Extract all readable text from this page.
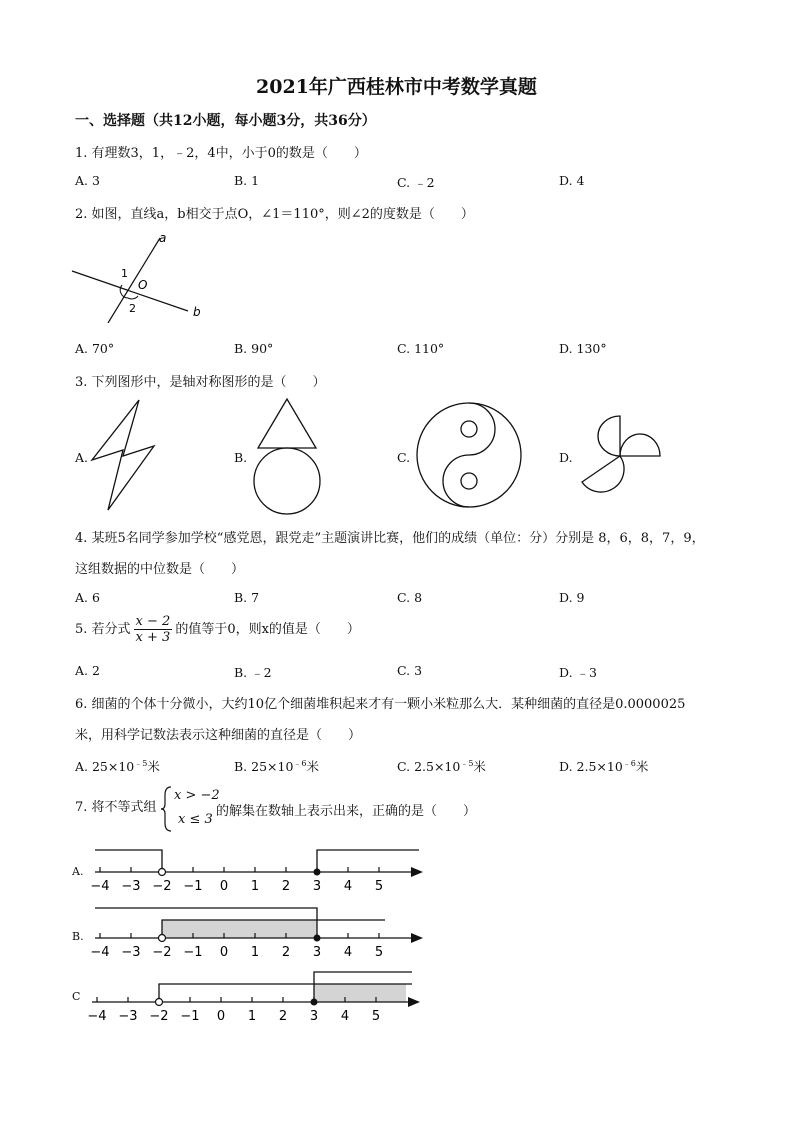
2021年广西桂林市中考数学真题
一、选择题（共12小题，每小题3分，共36分）
1. 有理数3，1，﹣2，4中，小于0的数是（　　）
A. 3	B. 1	C. ﹣2	D. 4
2. 如图，直线a，b相交于点O，∠1＝110°，则∠2的度数是（　　）
a
b
O
1
2
A. 70°	B. 90°	C. 110°	D. 130°
3. 下列图形中，是轴对称图形的是（　　）
A.	B.	C.	D.
4. 某班5名同学参加学校“感党恩，跟党走”主题演讲比赛，他们的成绩（单位：分）分别是 8，6，8，7，9，
这组数据的中位数是（　　）
A. 6	B. 7	C. 8	D. 9
5. 若分式 $\frac{x - 2}{x + 3}$ 的值等于0，则x的值是（　　）
A. 2	B. ﹣2	C. 3	D. ﹣3
6. 细菌的个体十分微小，大约10亿个细菌堆积起来才有一颗小米粒那么大．某种细菌的直径是0.0000025
米，用科学记数法表示这种细菌的直径是（　　）
A. $25\times 10^{﹣5}$米	B. $25\times 10^{﹣6}$米	C. $2.5\times 10^{﹣5}$米	D. $2.5\times 10^{﹣6}$米
7. 将不等式组
x > −2
x ≤ 3
的解集在数轴上表示出来，正确的是（　　）
A.
−4 −3 −2 −1 0 1 2 3 4 5
B.
−4 −3 −2 −1 0 1 2 3 4 5
C
−4 −3 −2 −1 0 1 2 3 4 5
